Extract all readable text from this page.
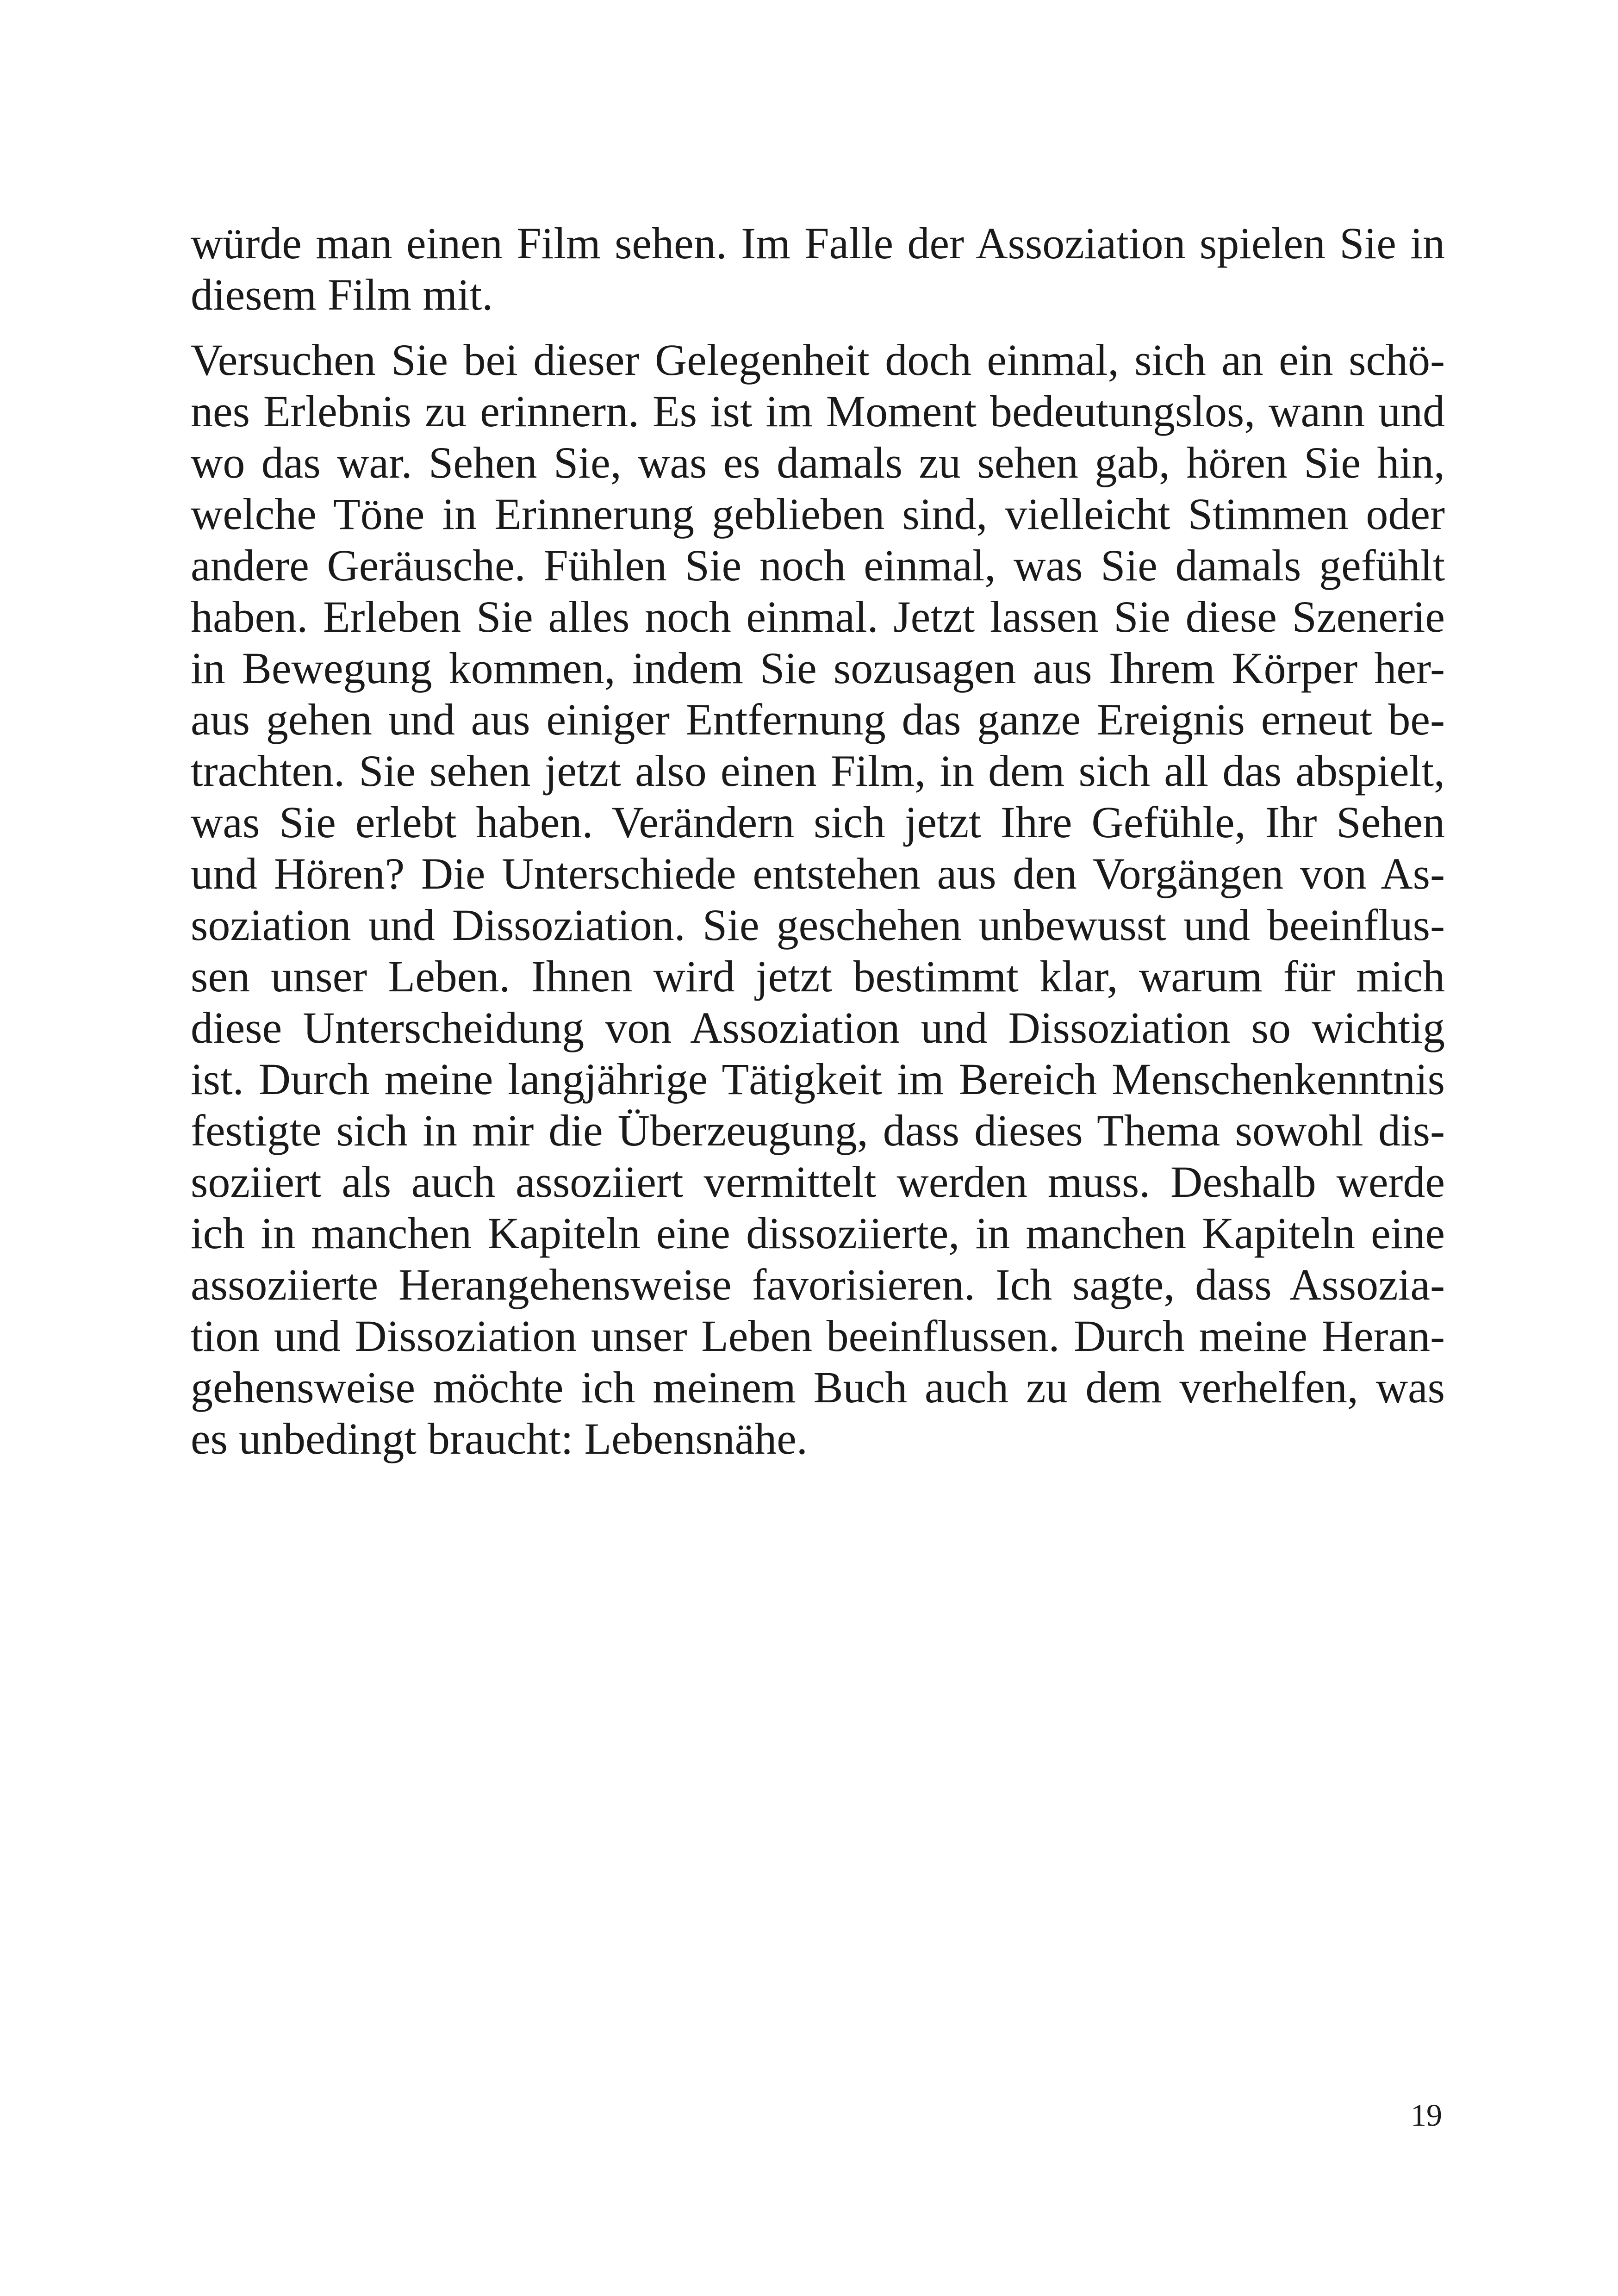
würde man einen Film sehen. Im Falle der Assoziation spielen Sie in
diesem Film mit.
Versuchen Sie bei dieser Gelegenheit doch einmal, sich an ein schö-
nes Erlebnis zu erinnern. Es ist im Moment bedeutungslos, wann und
wo das war. Sehen Sie, was es damals zu sehen gab, hören Sie hin,
welche Töne in Erinnerung geblieben sind, vielleicht Stimmen oder
andere Geräusche. Fühlen Sie noch einmal, was Sie damals gefühlt
haben. Erleben Sie alles noch einmal. Jetzt lassen Sie diese Szenerie
in Bewegung kommen, indem Sie sozusagen aus Ihrem Körper her-
aus gehen und aus einiger Entfernung das ganze Ereignis erneut be-
trachten. Sie sehen jetzt also einen Film, in dem sich all das abspielt,
was Sie erlebt haben. Verändern sich jetzt Ihre Gefühle, Ihr Sehen
und Hören? Die Unterschiede entstehen aus den Vorgängen von As-
soziation und Dissoziation. Sie geschehen unbewusst und beeinflus-
sen unser Leben. Ihnen wird jetzt bestimmt klar, warum für mich
diese Unterscheidung von Assoziation und Dissoziation so wichtig
ist. Durch meine langjährige Tätigkeit im Bereich Menschenkenntnis
festigte sich in mir die Überzeugung, dass dieses Thema sowohl dis-
soziiert als auch assoziiert vermittelt werden muss. Deshalb werde
ich in manchen Kapiteln eine dissoziierte, in manchen Kapiteln eine
assoziierte Herangehensweise favorisieren. Ich sagte, dass Assozia-
tion und Dissoziation unser Leben beeinflussen. Durch meine Heran-
gehensweise möchte ich meinem Buch auch zu dem verhelfen, was
es unbedingt braucht: Lebensnähe.
19
